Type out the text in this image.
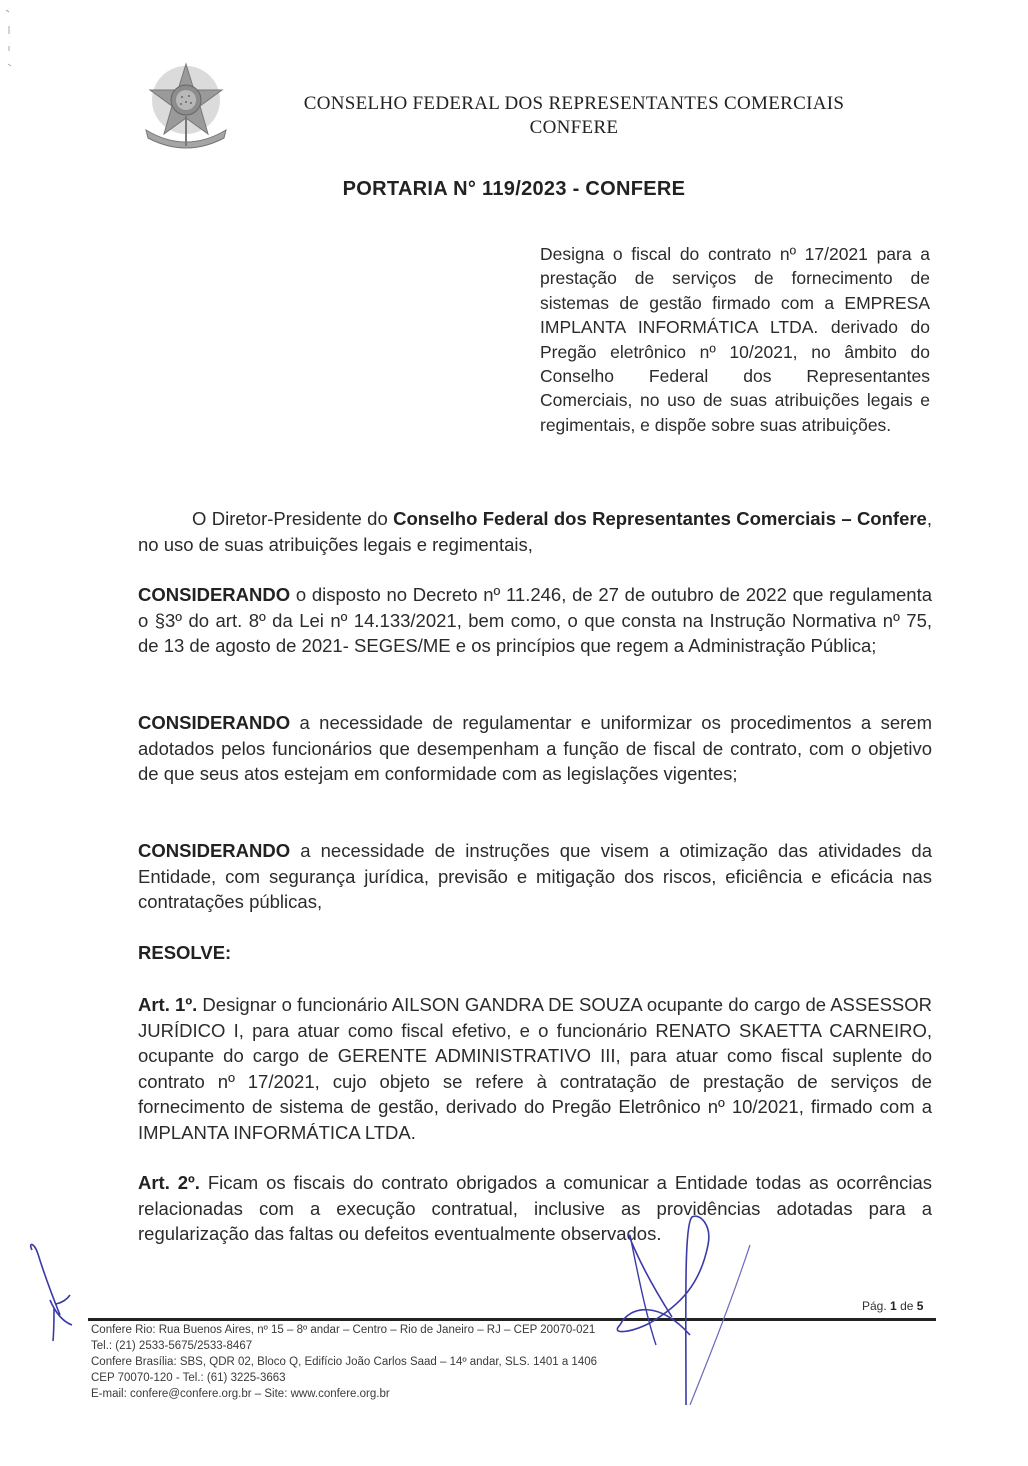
CONSELHO FEDERAL DOS REPRESENTANTES COMERCIAIS
CONFERE
PORTARIA N° 119/2023 - CONFERE
Designa o fiscal do contrato nº 17/2021 para a prestação de serviços de fornecimento de sistemas de gestão firmado com a EMPRESA IMPLANTA INFORMÁTICA LTDA. derivado do Pregão eletrônico nº 10/2021, no âmbito do Conselho Federal dos Representantes Comerciais, no uso de suas atribuições legais e regimentais, e dispõe sobre suas atribuições.
O Diretor-Presidente do Conselho Federal dos Representantes Comerciais – Confere, no uso de suas atribuições legais e regimentais,
CONSIDERANDO o disposto no Decreto nº 11.246, de 27 de outubro de 2022 que regulamenta o §3º do art. 8º da Lei nº 14.133/2021, bem como, o que consta na Instrução Normativa nº 75, de 13 de agosto de 2021- SEGES/ME e os princípios que regem a Administração Pública;
CONSIDERANDO a necessidade de regulamentar e uniformizar os procedimentos a serem adotados pelos funcionários que desempenham a função de fiscal de contrato, com o objetivo de que seus atos estejam em conformidade com as legislações vigentes;
CONSIDERANDO a necessidade de instruções que visem a otimização das atividades da Entidade, com segurança jurídica, previsão e mitigação dos riscos, eficiência e eficácia nas contratações públicas,
RESOLVE:
Art. 1º. Designar o funcionário AILSON GANDRA DE SOUZA ocupante do cargo de ASSESSOR JURÍDICO I, para atuar como fiscal efetivo, e o funcionário RENATO SKAETTA CARNEIRO, ocupante do cargo de GERENTE ADMINISTRATIVO III, para atuar como fiscal suplente do contrato nº 17/2021, cujo objeto se refere à contratação de prestação de serviços de fornecimento de sistema de gestão, derivado do Pregão Eletrônico nº 10/2021, firmado com a IMPLANTA INFORMÁTICA LTDA.
Art. 2º. Ficam os fiscais do contrato obrigados a comunicar a Entidade todas as ocorrências relacionadas com a execução contratual, inclusive as providências adotadas para a regularização das faltas ou defeitos eventualmente observados.
Pág. 1 de 5
Confere Rio: Rua Buenos Aires, nº 15 – 8º andar – Centro – Rio de Janeiro – RJ – CEP 20070-021
Tel.: (21) 2533-5675/2533-8467
Confere Brasília: SBS, QDR 02, Bloco Q, Edifício João Carlos Saad – 14º andar, SLS. 1401 a 1406
CEP 70070-120 - Tel.: (61) 3225-3663
E-mail: confere@confere.org.br – Site: www.confere.org.br
